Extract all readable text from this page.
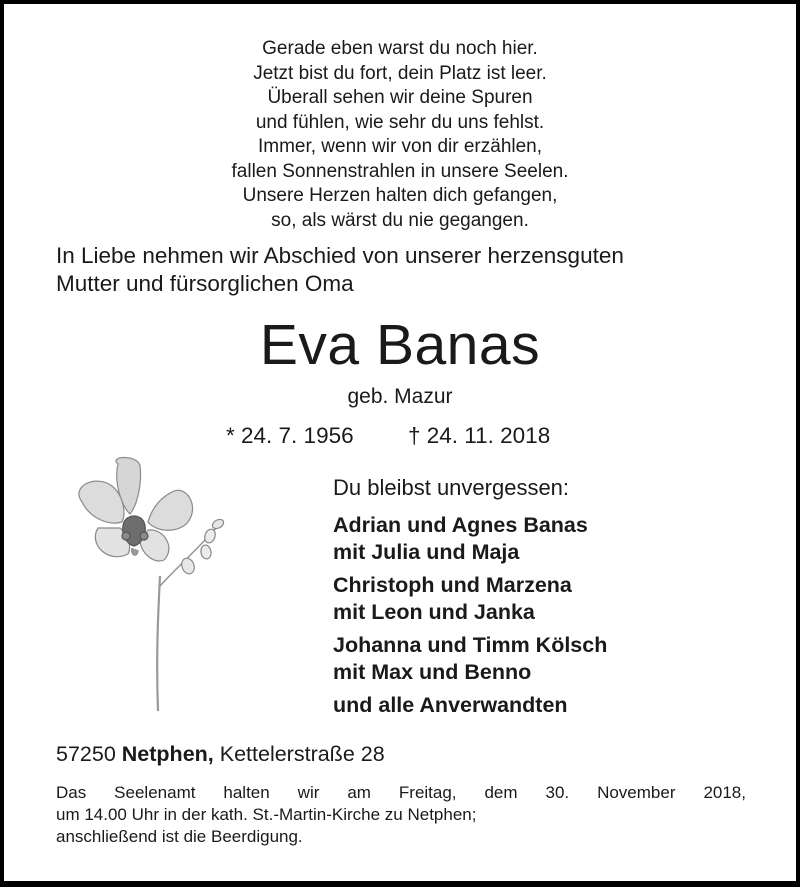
Gerade eben warst du noch hier.
Jetzt bist du fort, dein Platz ist leer.
Überall sehen wir deine Spuren
und fühlen, wie sehr du uns fehlst.
Immer, wenn wir von dir erzählen,
fallen Sonnenstrahlen in unsere Seelen.
Unsere Herzen halten dich gefangen,
so, als wärst du nie gegangen.
In Liebe nehmen wir Abschied von unserer herzensguten
Mutter und fürsorglichen Oma
Eva Banas
geb. Mazur
* 24. 7. 1956 † 24. 11. 2018
Du bleibst unvergessen:
Adrian und Agnes Banas
mit Julia und Maja
Christoph und Marzena
mit Leon und Janka
Johanna und Timm Kölsch
mit Max und Benno
und alle Anverwandten
57250 Netphen, Kettelerstraße 28
Das Seelenamt halten wir am Freitag, dem 30. November 2018,
um 14.00 Uhr in der kath. St.-Martin-Kirche zu Netphen;
anschließend ist die Beerdigung.
